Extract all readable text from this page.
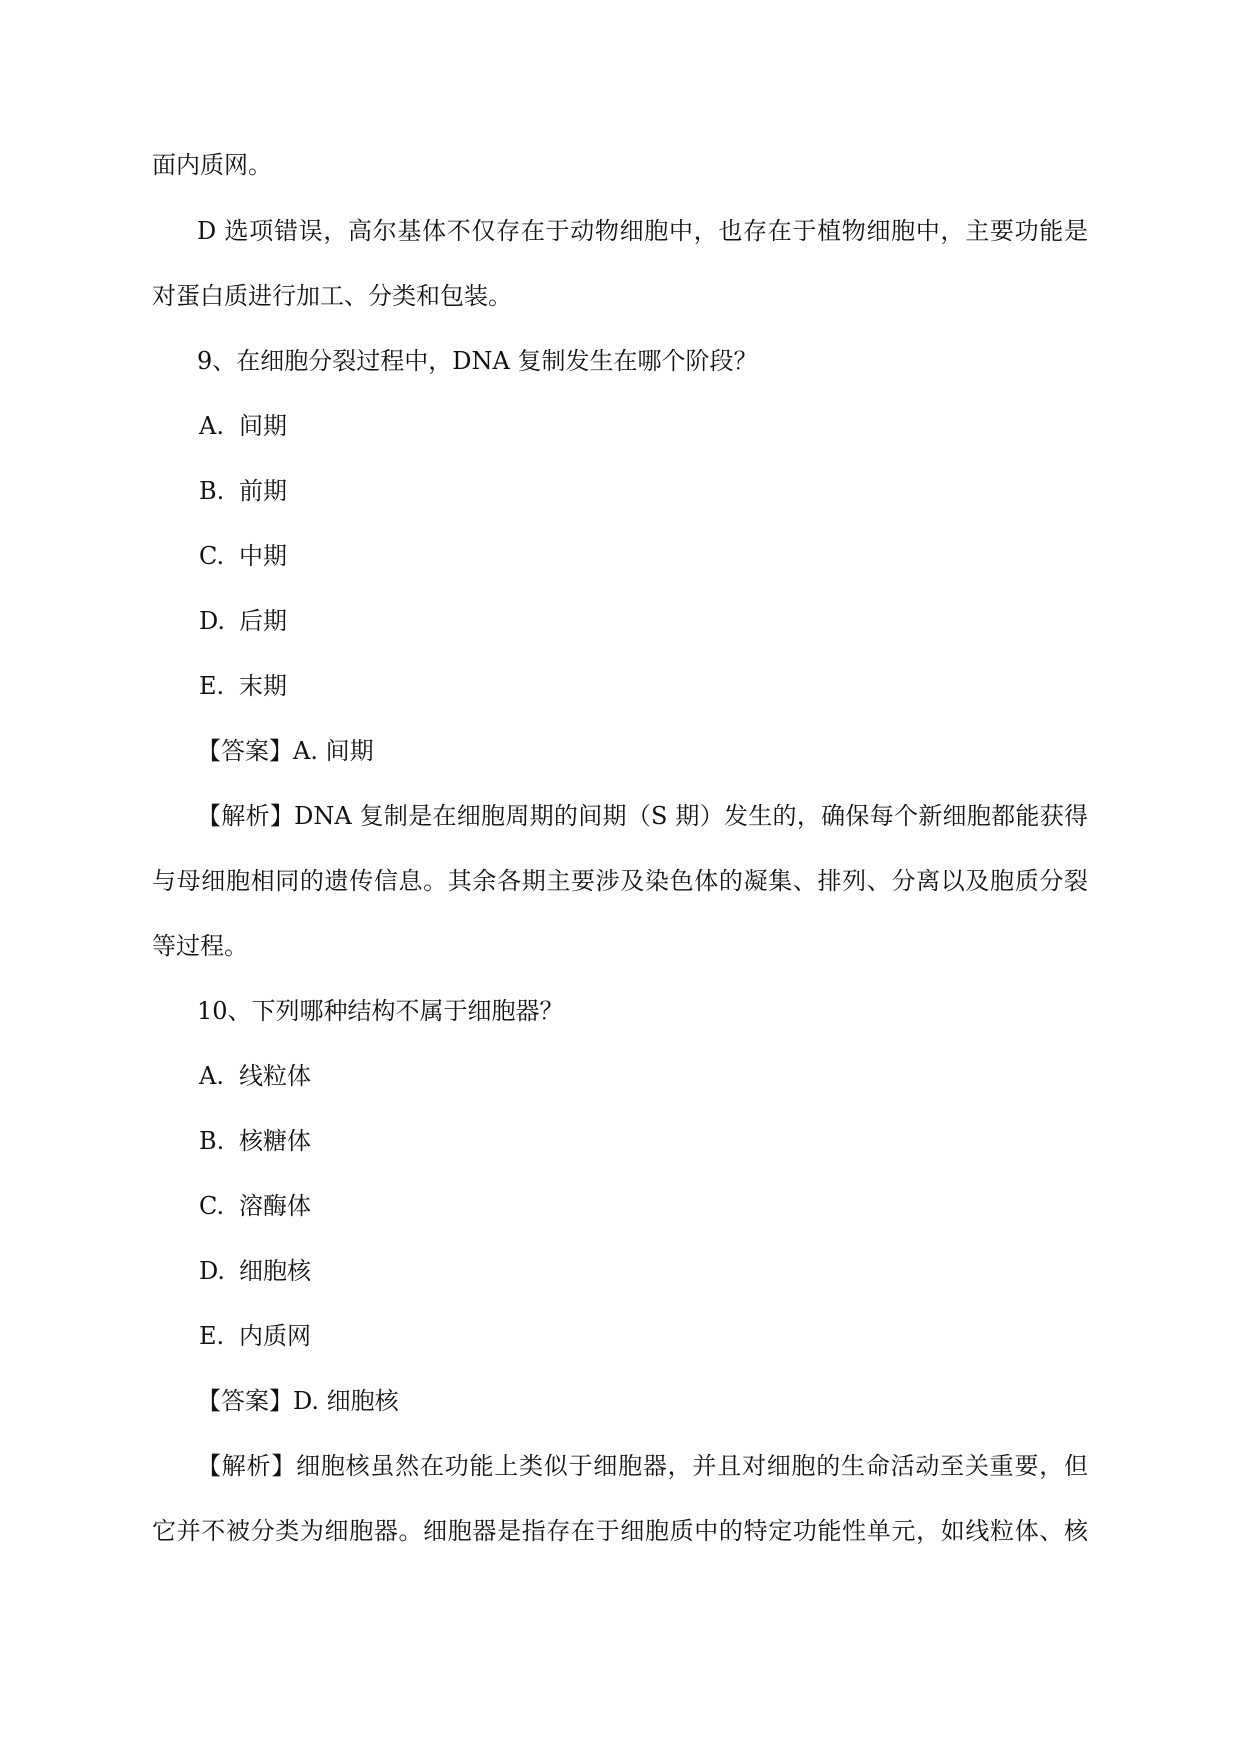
面内质网。

D 选项错误，高尔基体不仅存在于动物细胞中，也存在于植物细胞中，主要功能是

对蛋白质进行加工、分类和包装。

9、在细胞分裂过程中，DNA 复制发生在哪个阶段？

A. 间期

B. 前期

C. 中期

D. 后期

E. 末期

【答案】A. 间期

【解析】DNA 复制是在细胞周期的间期（S 期）发生的，确保每个新细胞都能获得

与母细胞相同的遗传信息。其余各期主要涉及染色体的凝集、排列、分离以及胞质分裂

等过程。

10、下列哪种结构不属于细胞器？

A. 线粒体

B. 核糖体

C. 溶酶体

D. 细胞核

E. 内质网

【答案】D. 细胞核

【解析】细胞核虽然在功能上类似于细胞器，并且对细胞的生命活动至关重要，但

它并不被分类为细胞器。细胞器是指存在于细胞质中的特定功能性单元，如线粒体、核
